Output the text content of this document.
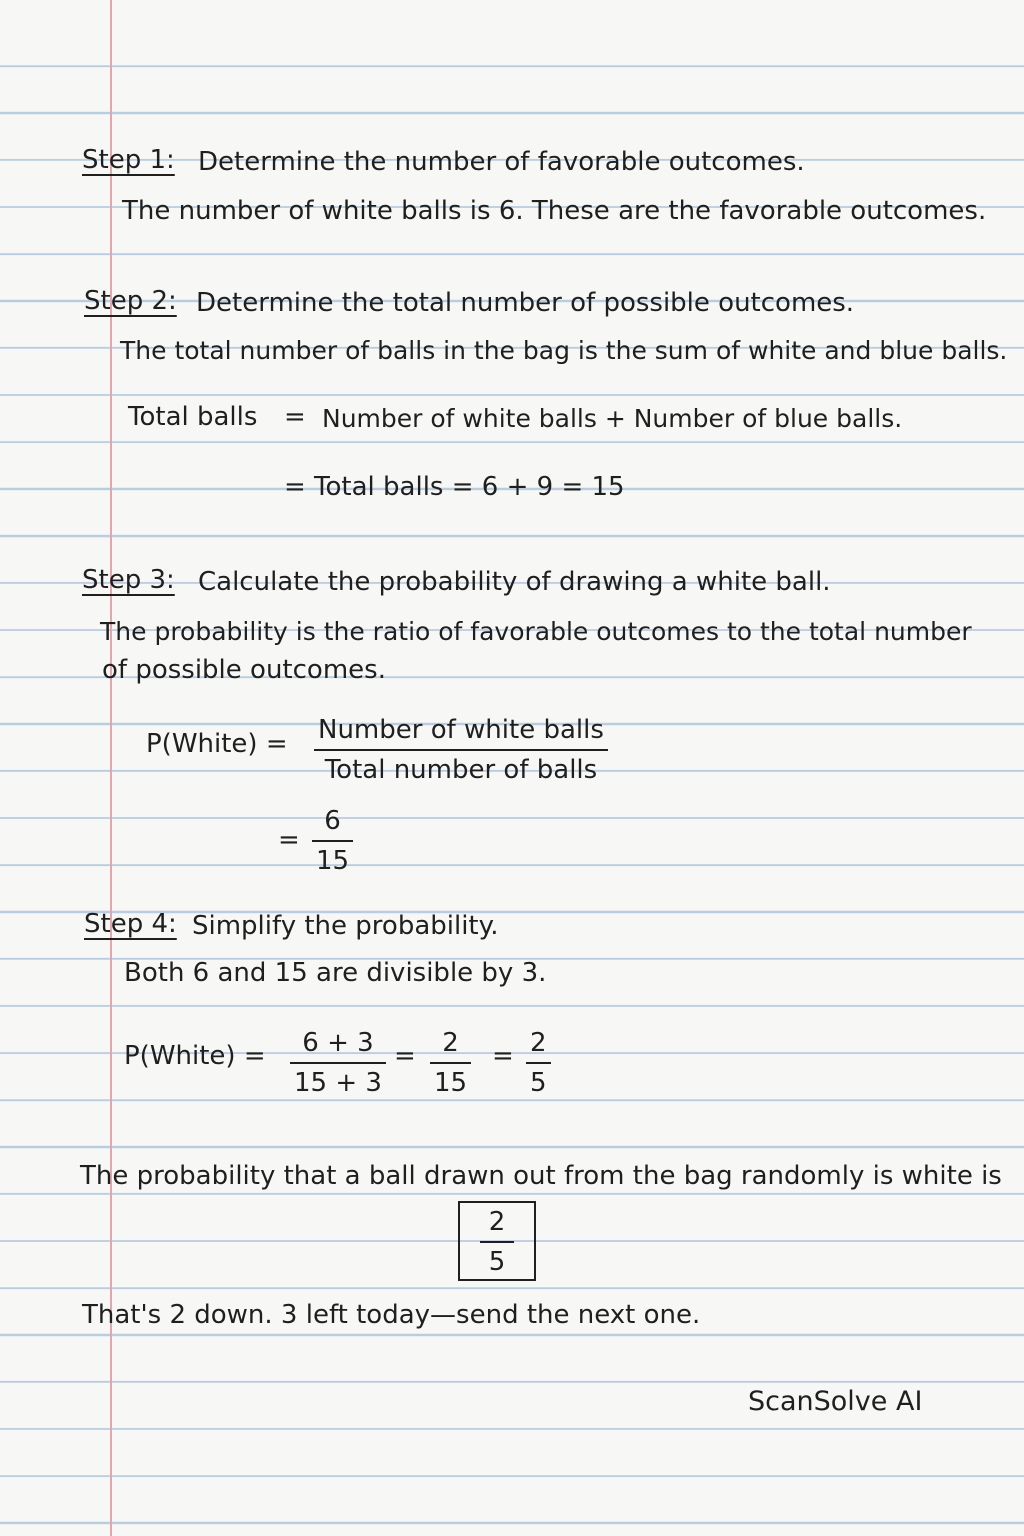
Step 1: Determine the number of favorable outcomes.
The number of white balls is 6. These are the favorable outcomes.
Step 2: Determine the total number of possible outcomes.
The total number of balls in the bag is the sum of white and blue balls.
Total balls = Number of white balls + Number of blue balls.
= Total balls = 6 + 9 = 15
Step 3: Calculate the probability of drawing a white ball.
The probability is the ratio of favorable outcomes to the total number
of possible outcomes.
P(White) = Number of white balls
Total number of balls
=
6
15
Step 4: Simplify the probability.
Both 6 and 15 are divisible by 3.
P(White) = 6 + 3
15 + 3
= 2
15
= 2
5
The probability that a ball drawn out from the bag randomly is white is
2
5
That's 2 down. 3 left today—send the next one.
ScanSolve AI
